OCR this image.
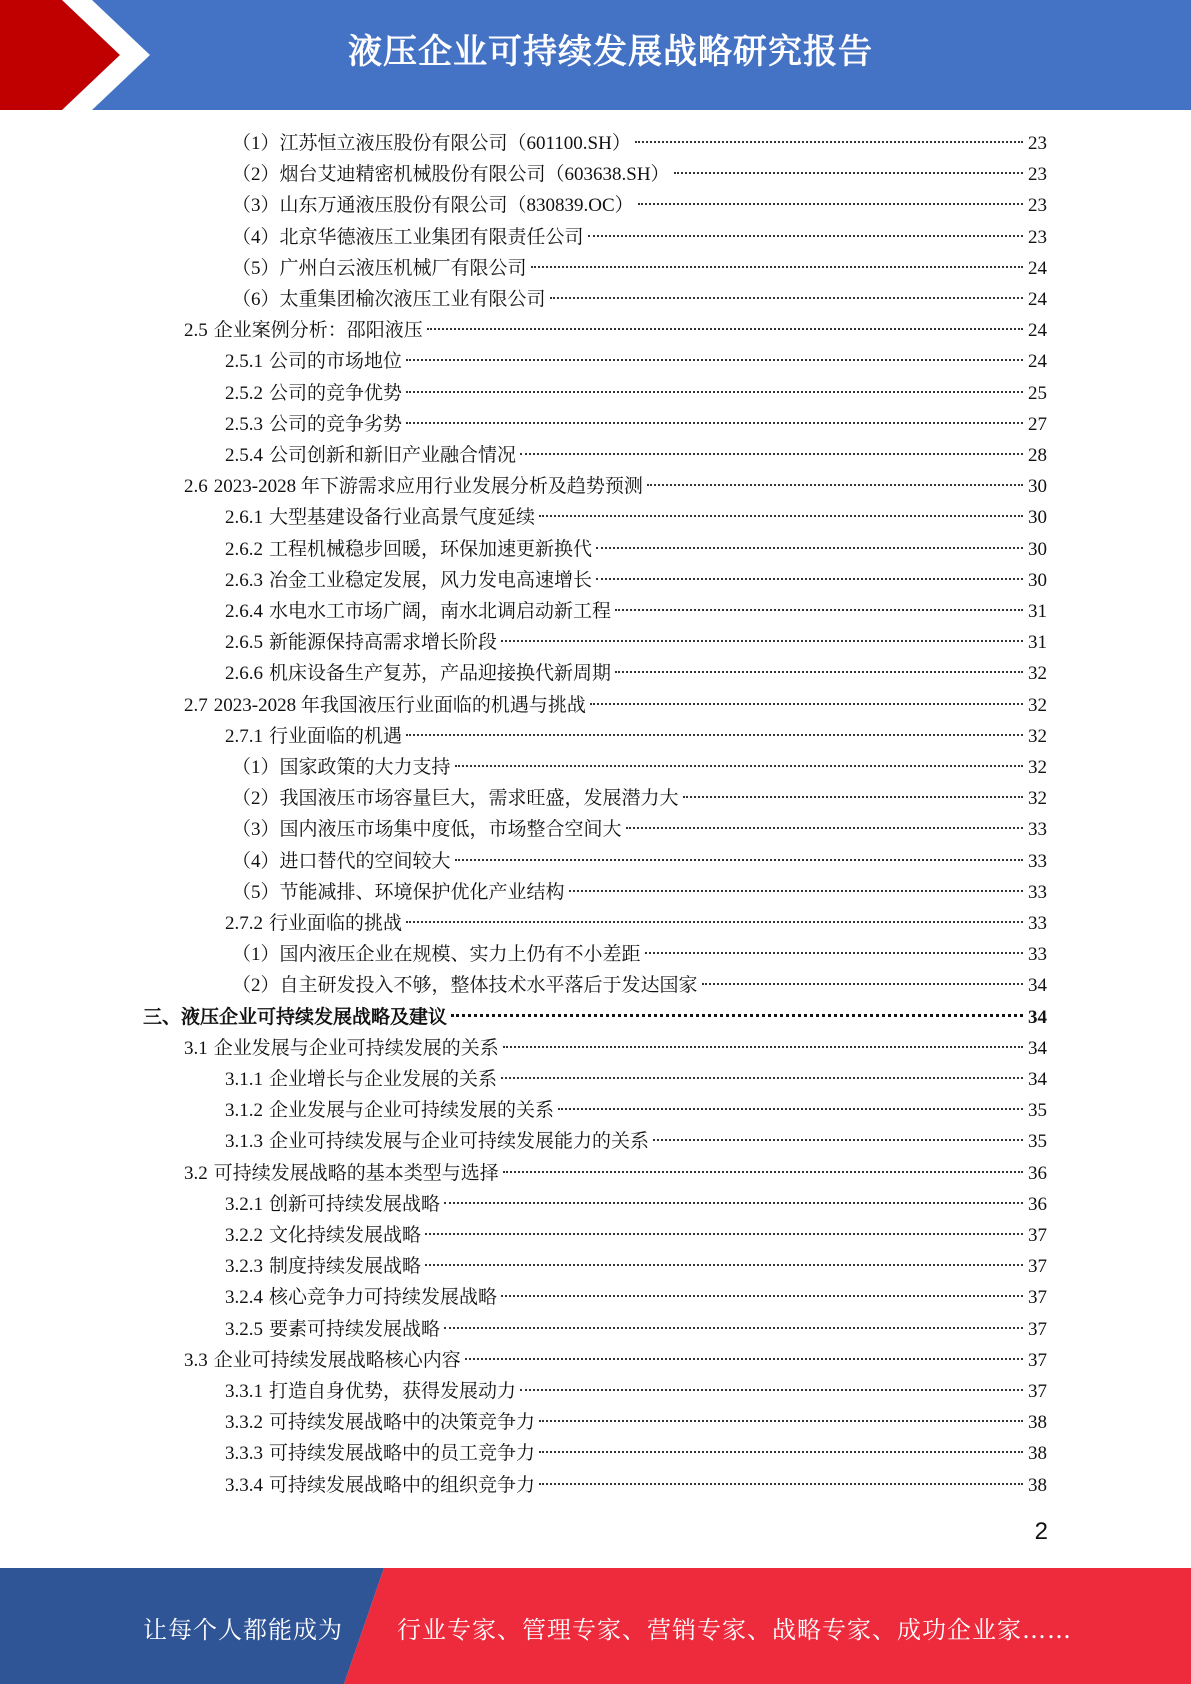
液压企业可持续发展战略研究报告
（1）江苏恒立液压股份有限公司（601100.SH）	23
（2）烟台艾迪精密机械股份有限公司（603638.SH）	23
（3）山东万通液压股份有限公司（830839.OC）	23
（4）北京华德液压工业集团有限责任公司	23
（5）广州白云液压机械厂有限公司	24
（6）太重集团榆次液压工业有限公司	24
2.5 企业案例分析：邵阳液压	24
2.5.1 公司的市场地位	24
2.5.2 公司的竞争优势	25
2.5.3 公司的竞争劣势	27
2.5.4 公司创新和新旧产业融合情况	28
2.6 2023-2028 年下游需求应用行业发展分析及趋势预测	30
2.6.1 大型基建设备行业高景气度延续	30
2.6.2 工程机械稳步回暖，环保加速更新换代	30
2.6.3 冶金工业稳定发展，风力发电高速增长	30
2.6.4 水电水工市场广阔，南水北调启动新工程	31
2.6.5 新能源保持高需求增长阶段	31
2.6.6 机床设备生产复苏，产品迎接换代新周期	32
2.7 2023-2028 年我国液压行业面临的机遇与挑战	32
2.7.1 行业面临的机遇	32
（1）国家政策的大力支持	32
（2）我国液压市场容量巨大，需求旺盛，发展潜力大	32
（3）国内液压市场集中度低，市场整合空间大	33
（4）进口替代的空间较大	33
（5）节能减排、环境保护优化产业结构	33
2.7.2 行业面临的挑战	33
（1）国内液压企业在规模、实力上仍有不小差距	33
（2）自主研发投入不够，整体技术水平落后于发达国家	34
三、液压企业可持续发展战略及建议	34
3.1 企业发展与企业可持续发展的关系	34
3.1.1 企业增长与企业发展的关系	34
3.1.2 企业发展与企业可持续发展的关系	35
3.1.3 企业可持续发展与企业可持续发展能力的关系	35
3.2 可持续发展战略的基本类型与选择	36
3.2.1 创新可持续发展战略	36
3.2.2 文化持续发展战略	37
3.2.3 制度持续发展战略	37
3.2.4 核心竞争力可持续发展战略	37
3.2.5 要素可持续发展战略	37
3.3 企业可持续发展战略核心内容	37
3.3.1 打造自身优势，获得发展动力	37
3.3.2 可持续发展战略中的决策竞争力	38
3.3.3 可持续发展战略中的员工竞争力	38
3.3.4 可持续发展战略中的组织竞争力	38
2
让每个人都能成为 行业专家、管理专家、营销专家、战略专家、成功企业家……
